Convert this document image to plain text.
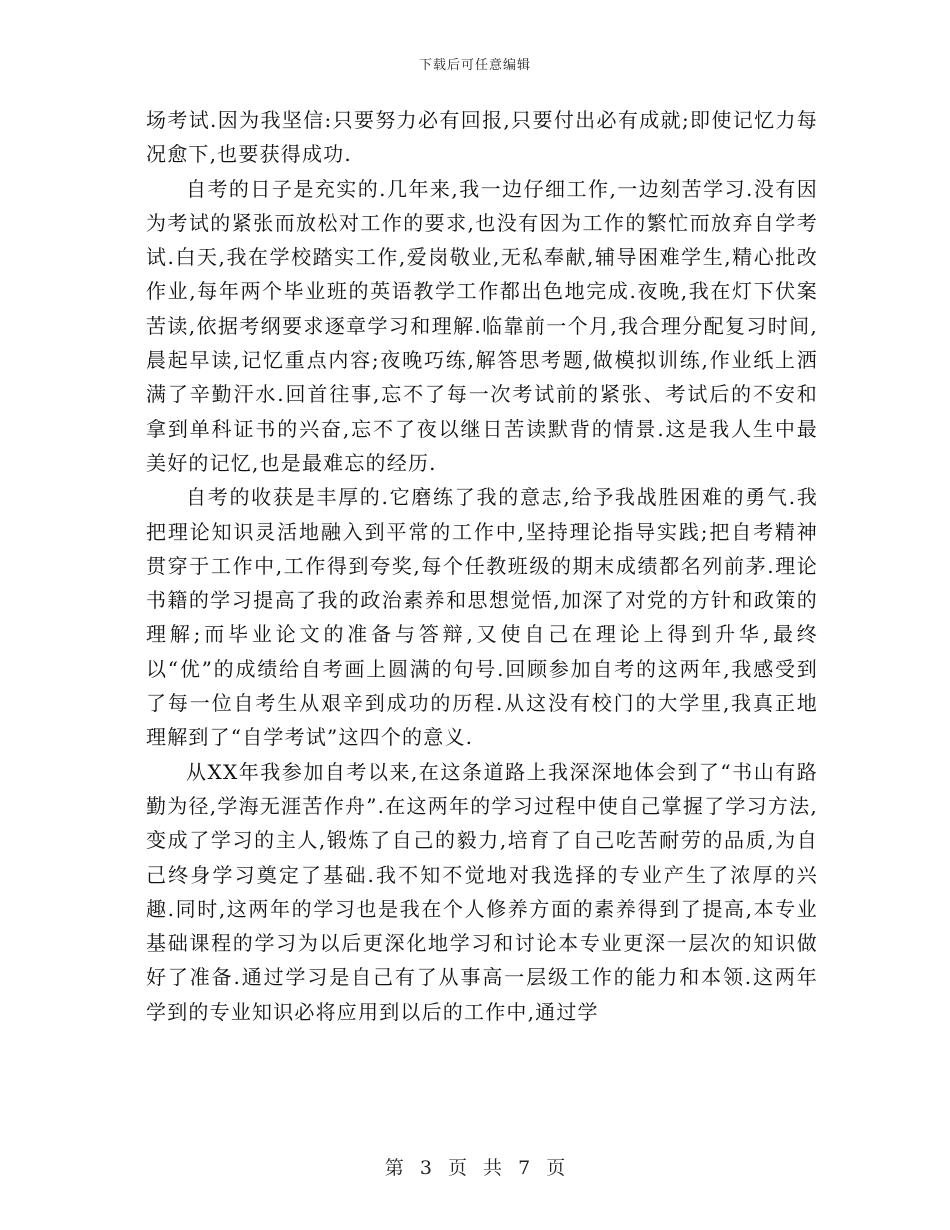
下载后可任意编辑

场考试.因为我坚信:只要努力必有回报,只要付出必有成就;即使记忆力每况愈下,也要获得成功.

自考的日子是充实的.几年来,我一边仔细工作,一边刻苦学习.没有因为考试的紧张而放松对工作的要求,也没有因为工作的繁忙而放弃自学考试.白天,我在学校踏实工作,爱岗敬业,无私奉献,辅导困难学生,精心批改作业,每年两个毕业班的英语教学工作都出色地完成.夜晚,我在灯下伏案苦读,依据考纲要求逐章学习和理解.临靠前一个月,我合理分配复习时间,晨起早读,记忆重点内容;夜晚巧练,解答思考题,做模拟训练,作业纸上洒满了辛勤汗水.回首往事,忘不了每一次考试前的紧张、考试后的不安和拿到单科证书的兴奋,忘不了夜以继日苦读默背的情景.这是我人生中最美好的记忆,也是最难忘的经历.

自考的收获是丰厚的.它磨练了我的意志,给予我战胜困难的勇气.我把理论知识灵活地融入到平常的工作中,坚持理论指导实践;把自考精神贯穿于工作中,工作得到夸奖,每个任教班级的期末成绩都名列前茅.理论书籍的学习提高了我的政治素养和思想觉悟,加深了对党的方针和政策的理解;而毕业论文的准备与答辩,又使自己在理论上得到升华,最终以“优”的成绩给自考画上圆满的句号.回顾参加自考的这两年,我感受到了每一位自考生从艰辛到成功的历程.从这没有校门的大学里,我真正地理解到了“自学考试”这四个的意义.

从XX年我参加自考以来,在这条道路上我深深地体会到了“书山有路勤为径,学海无涯苦作舟”.在这两年的学习过程中使自己掌握了学习方法,变成了学习的主人,锻炼了自己的毅力,培育了自己吃苦耐劳的品质,为自己终身学习奠定了基础.我不知不觉地对我选择的专业产生了浓厚的兴趣.同时,这两年的学习也是我在个人修养方面的素养得到了提高,本专业基础课程的学习为以后更深化地学习和讨论本专业更深一层次的知识做好了准备.通过学习是自己有了从事高一层级工作的能力和本领.这两年学到的专业知识必将应用到以后的工作中,通过学

第 3 页 共 7 页
